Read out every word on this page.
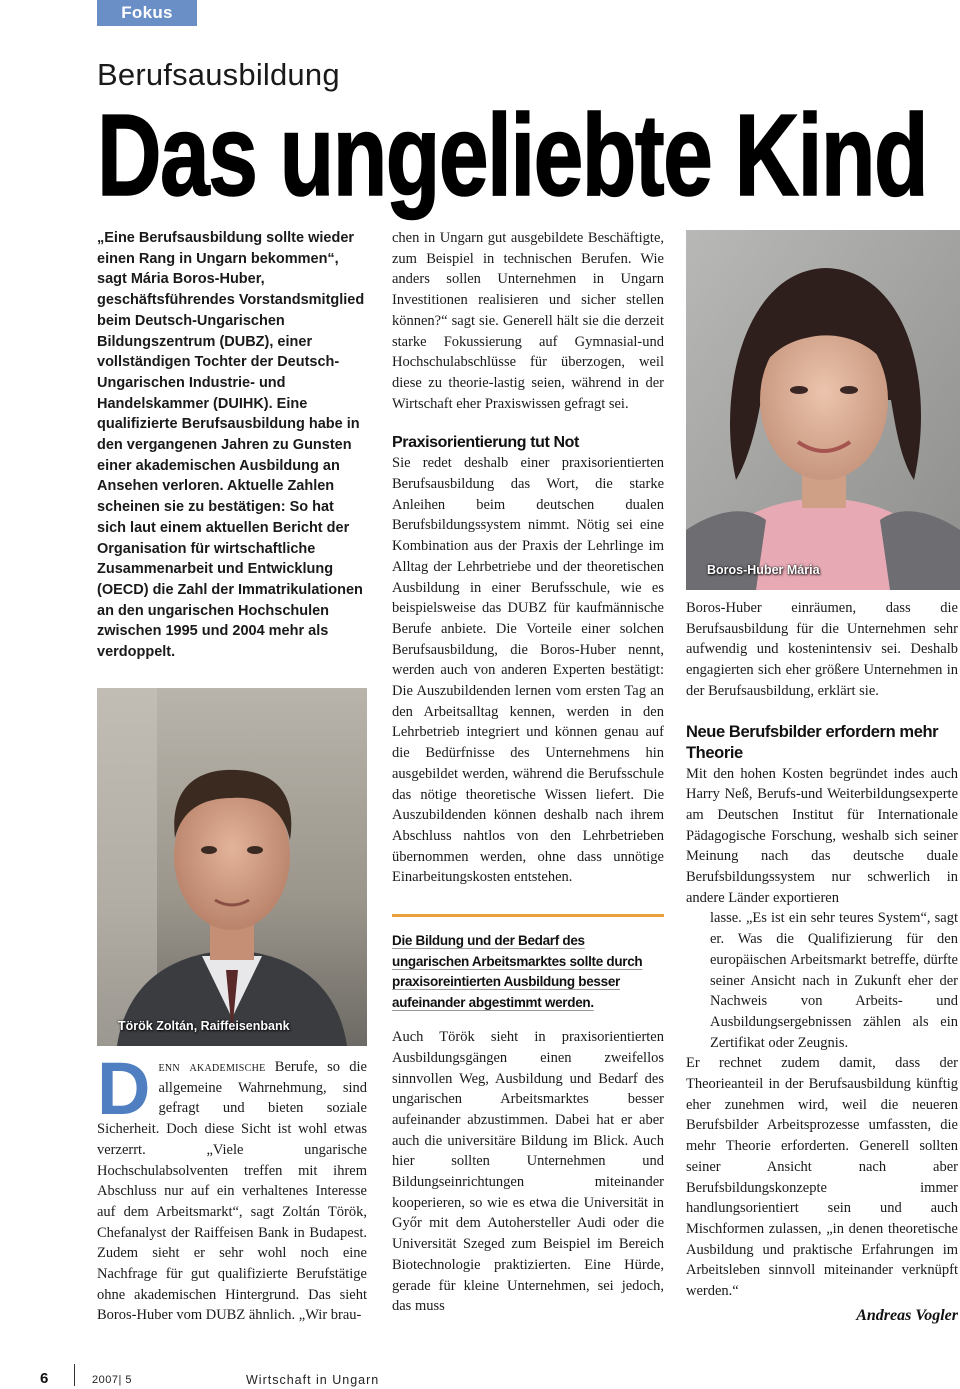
Fokus
Berufsausbildung
Das ungeliebte Kind

„Eine Berufsausbildung sollte wieder einen Rang in Ungarn bekommen“, sagt Mária Boros-Huber, geschäftsführendes Vorstandsmitglied beim Deutsch-Ungarischen Bildungszentrum (DUBZ), einer vollständigen Tochter der Deutsch-Ungarischen Industrie- und Handelskammer (DUIHK). Eine qualifizierte Berufsausbildung habe in den vergangenen Jahren zu Gunsten einer akademischen Ausbildung an Ansehen verloren. Aktuelle Zahlen scheinen sie zu bestätigen: So hat sich laut einem aktuellen Bericht der Organisation für wirtschaftliche Zusammenarbeit und Entwicklung (OECD) die Zahl der Immatrikulationen an den ungarischen Hochschulen zwischen 1995 und 2004 mehr als verdoppelt.

Török Zoltán, Raiffeisenbank

Denn akademische Berufe, so die allgemeine Wahrnehmung, sind gefragt und bieten soziale Sicherheit. Doch diese Sicht ist wohl etwas verzerrt. „Viele ungarische Hochschulabsolventen treffen mit ihrem Abschluss nur auf ein verhaltenes Interesse auf dem Arbeitsmarkt“, sagt Zoltán Török, Chefanalyst der Raiffeisen Bank in Budapest. Zudem sieht er sehr wohl noch eine Nachfrage für gut qualifizierte Berufstätige ohne akademischen Hintergrund. Das sieht Boros-Huber vom DUBZ ähnlich. „Wir brau-

chen in Ungarn gut ausgebildete Beschäftigte, zum Beispiel in technischen Berufen. Wie anders sollen Unternehmen in Ungarn Investitionen realisieren und sicher stellen können?“ sagt sie. Generell hält sie die derzeit starke Fokussierung auf Gymnasial-und Hochschulabschlüsse für überzogen, weil diese zu theorie-lastig seien, während in der Wirtschaft eher Praxiswissen gefragt sei.

Praxisorientierung tut Not

Sie redet deshalb einer praxisorientierten Berufsausbildung das Wort, die starke Anleihen beim deutschen dualen Berufsbildungssystem nimmt. Nötig sei eine Kombination aus der Praxis der Lehrlinge im Alltag der Lehrbetriebe und der theoretischen Ausbildung in einer Berufsschule, wie es beispielsweise das DUBZ für kaufmännische Berufe anbiete. Die Vorteile einer solchen Berufsausbildung, die Boros-Huber nennt, werden auch von anderen Experten bestätigt: Die Auszubildenden lernen vom ersten Tag an den Arbeitsalltag kennen, werden in den Lehrbetrieb integriert und können genau auf die Bedürfnisse des Unternehmens hin ausgebildet werden, während die Berufsschule das nötige theoretische Wissen liefert. Die Auszubildenden können deshalb nach ihrem Abschluss nahtlos von den Lehrbetrieben übernommen werden, ohne dass unnötige Einarbeitungskosten entstehen.

Die Bildung und der Bedarf des ungarischen Arbeitsmarktes sollte durch praxisoreintierten Ausbildung besser aufeinander abgestimmt werden.

Auch Török sieht in praxisorientierten Ausbildungsgängen einen zweifellos sinnvollen Weg, Ausbildung und Bedarf des ungarischen Arbeitsmarktes besser aufeinander abzustimmen. Dabei hat er aber auch die universitäre Bildung im Blick. Auch hier sollten Unternehmen und Bildungseinrichtungen miteinander kooperieren, so wie es etwa die Universität in Győr mit dem Autohersteller Audi oder die Universität Szeged zum Beispiel im Bereich Biotechnologie praktizierten. Eine Hürde, gerade für kleine Unternehmen, sei jedoch, das muss

Boros-Huber Mária

Boros-Huber einräumen, dass die Berufsausbildung für die Unternehmen sehr aufwendig und kostenintensiv sei. Deshalb engagierten sich eher größere Unternehmen in der Berufsausbildung, erklärt sie.

Neue Berufsbilder erfordern mehr Theorie

Mit den hohen Kosten begründet indes auch Harry Neß, Berufs-und Weiterbildungsexperte am Deutschen Institut für Internationale Pädagogische Forschung, weshalb sich seiner Meinung nach das deutsche duale Berufsbildungssystem nur schwerlich in andere Länder exportieren

lasse. „Es ist ein sehr teures System“, sagt er. Was die Qualifizierung für den europäischen Arbeitsmarkt betreffe, dürfte seiner Ansicht nach in Zukunft eher der Nachweis von Arbeits- und Ausbildungsergebnissen zählen als ein Zertifikat oder Zeugnis.

Er rechnet zudem damit, dass der Theorieanteil in der Berufsausbildung künftig eher zunehmen wird, weil die neueren Berufsbilder Arbeitsprozesse umfassten, die mehr Theorie erforderten. Generell sollten seiner Ansicht nach aber Berufsbildungskonzepte immer handlungsorientiert sein und auch Mischformen zulassen, „in denen theoretische Ausbildung und praktische Erfahrungen im Arbeitsleben sinnvoll miteinander verknüpft werden.“

Andreas Vogler

6	2007| 5	Wirtschaft in Ungarn
